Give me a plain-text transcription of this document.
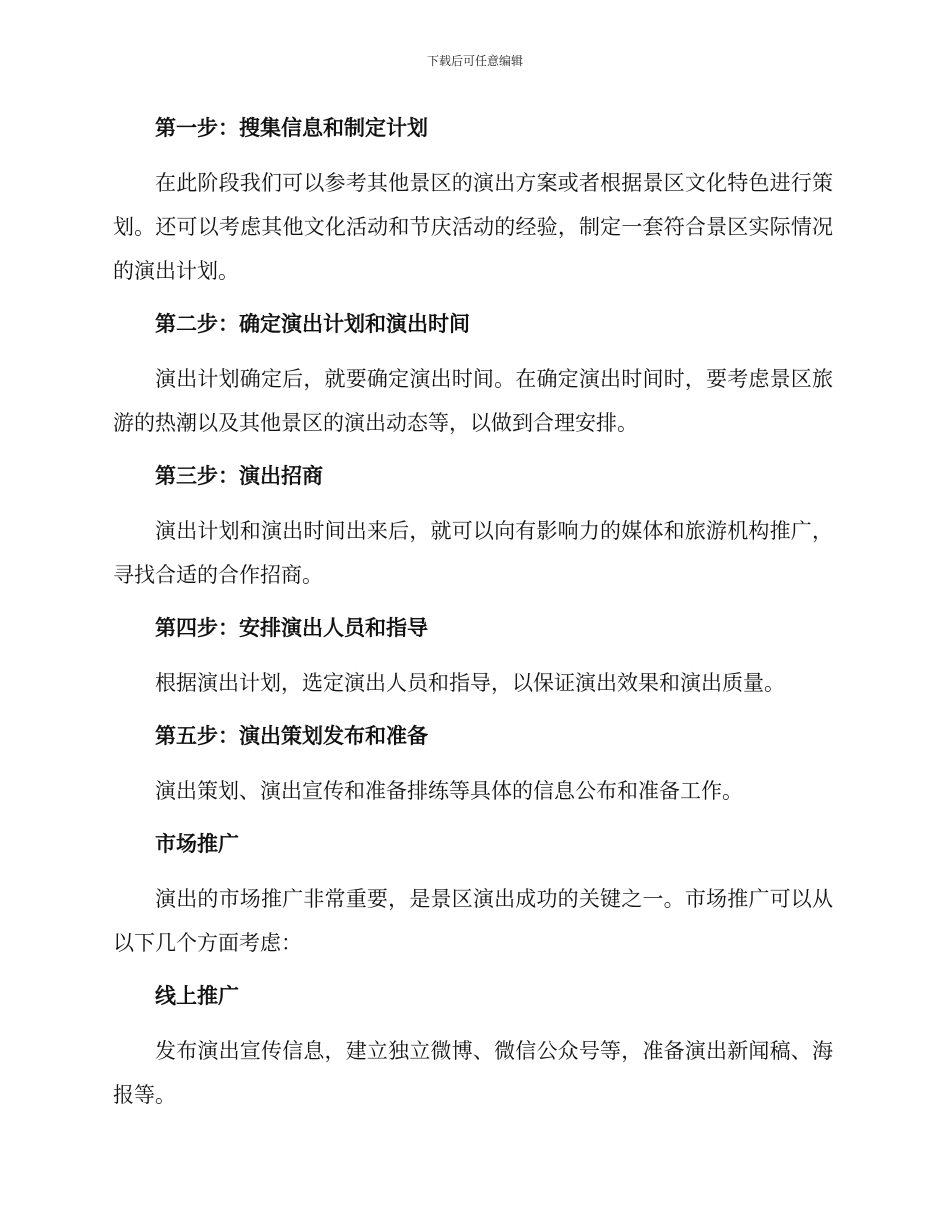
下载后可任意编辑

第一步：搜集信息和制定计划

在此阶段我们可以参考其他景区的演出方案或者根据景区文化特色进行策划。还可以考虑其他文化活动和节庆活动的经验，制定一套符合景区实际情况的演出计划。

第二步：确定演出计划和演出时间

演出计划确定后，就要确定演出时间。在确定演出时间时，要考虑景区旅游的热潮以及其他景区的演出动态等，以做到合理安排。

第三步：演出招商

演出计划和演出时间出来后，就可以向有影响力的媒体和旅游机构推广，寻找合适的合作招商。

第四步：安排演出人员和指导

根据演出计划，选定演出人员和指导，以保证演出效果和演出质量。

第五步：演出策划发布和准备

演出策划、演出宣传和准备排练等具体的信息公布和准备工作。

市场推广

演出的市场推广非常重要，是景区演出成功的关键之一。市场推广可以从以下几个方面考虑：

线上推广

发布演出宣传信息，建立独立微博、微信公众号等，准备演出新闻稿、海报等。
